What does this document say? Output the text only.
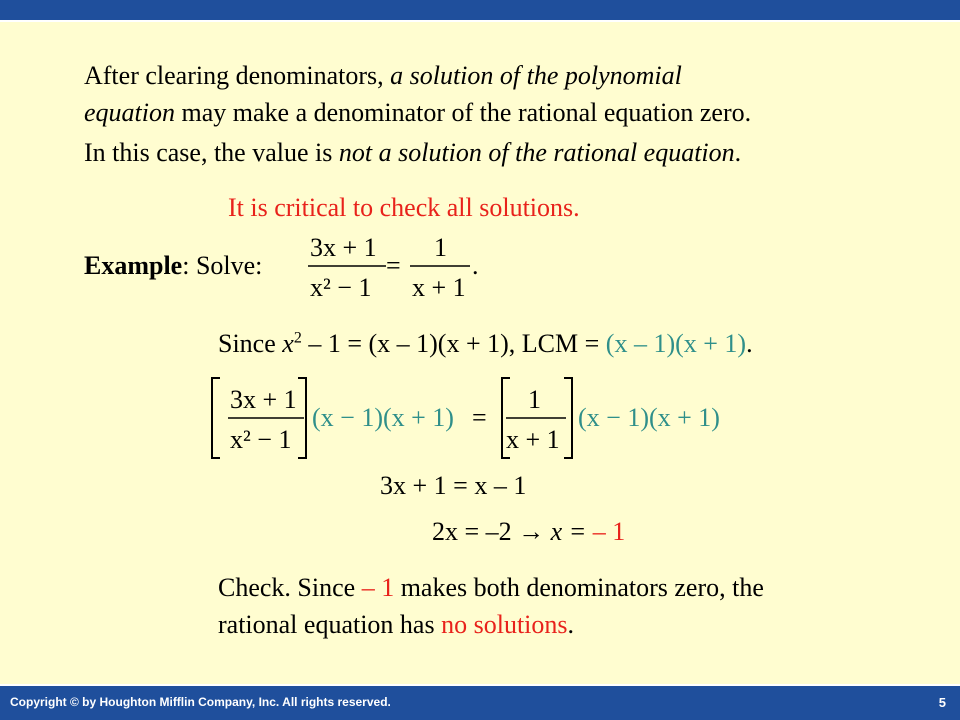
After clearing denominators, a solution of the polynomial
equation may make a denominator of the rational equation zero.
In this case, the value is not a solution of the rational equation.
It is critical to check all solutions.
Example: Solve:
3x + 1
x² − 1
=
1
x + 1
.
Since $x^2 - 1 = (x - 1)(x + 1)$, LCM = (x – 1)(x + 1).
3x + 1
x² − 1
(x − 1)(x + 1) =
1
x + 1
(x − 1)(x + 1)
3x + 1 = x – 1
2x = –2 → x = – 1
Check. Since – 1 makes both denominators zero, the
rational equation has no solutions.
Copyright © by Houghton Mifflin Company, Inc. All rights reserved.	5
